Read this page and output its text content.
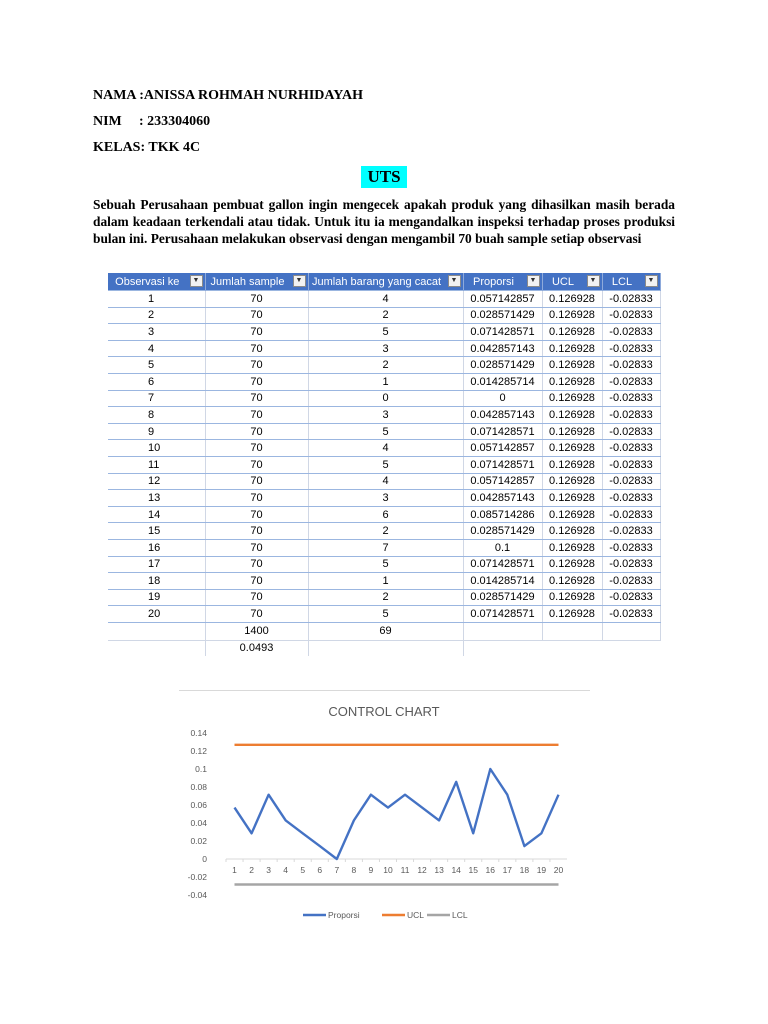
NAMA :ANISSA ROHMAH NURHIDAYAH
NIM : 233304060
KELAS: TKK 4C
UTS
Sebuah Perusahaan pembuat gallon ingin mengecek apakah produk yang dihasilkan masih berada dalam keadaan terkendali atau tidak. Untuk itu ia mengandalkan inspeksi terhadap proses produksi bulan ini. Perusahaan melakukan observasi dengan mengambil 70 buah sample setiap observasi
Observasi ke ▼	Jumlah sample ▼	Jumlah barang yang cacat ▼	Proporsi ▼	UCL ▼	LCL ▼

1	70	4	0.057142857	0.126928	-0.02833
2	70	2	0.028571429	0.126928	-0.02833
3	70	5	0.071428571	0.126928	-0.02833
4	70	3	0.042857143	0.126928	-0.02833
5	70	2	0.028571429	0.126928	-0.02833
6	70	1	0.014285714	0.126928	-0.02833
7	70	0	0	0.126928	-0.02833
8	70	3	0.042857143	0.126928	-0.02833
9	70	5	0.071428571	0.126928	-0.02833
10	70	4	0.057142857	0.126928	-0.02833
11	70	5	0.071428571	0.126928	-0.02833
12	70	4	0.057142857	0.126928	-0.02833
13	70	3	0.042857143	0.126928	-0.02833
14	70	6	0.085714286	0.126928	-0.02833
15	70	2	0.028571429	0.126928	-0.02833
16	70	7	0.1	0.126928	-0.02833
17	70	5	0.071428571	0.126928	-0.02833
18	70	1	0.014285714	0.126928	-0.02833
19	70	2	0.028571429	0.126928	-0.02833
20	70	5	0.071428571	0.126928	-0.02833
	1400	69			
	0.0493				
CONTROL CHART
-0.04
-0.02
0
0.02
0.04
0.06
0.08
0.1
0.12
0.14
1 2 3 4 5 6 7 8 9 10 11 12 13 14 15 16 17 18 19 20
Proporsi	UCL	LCL
